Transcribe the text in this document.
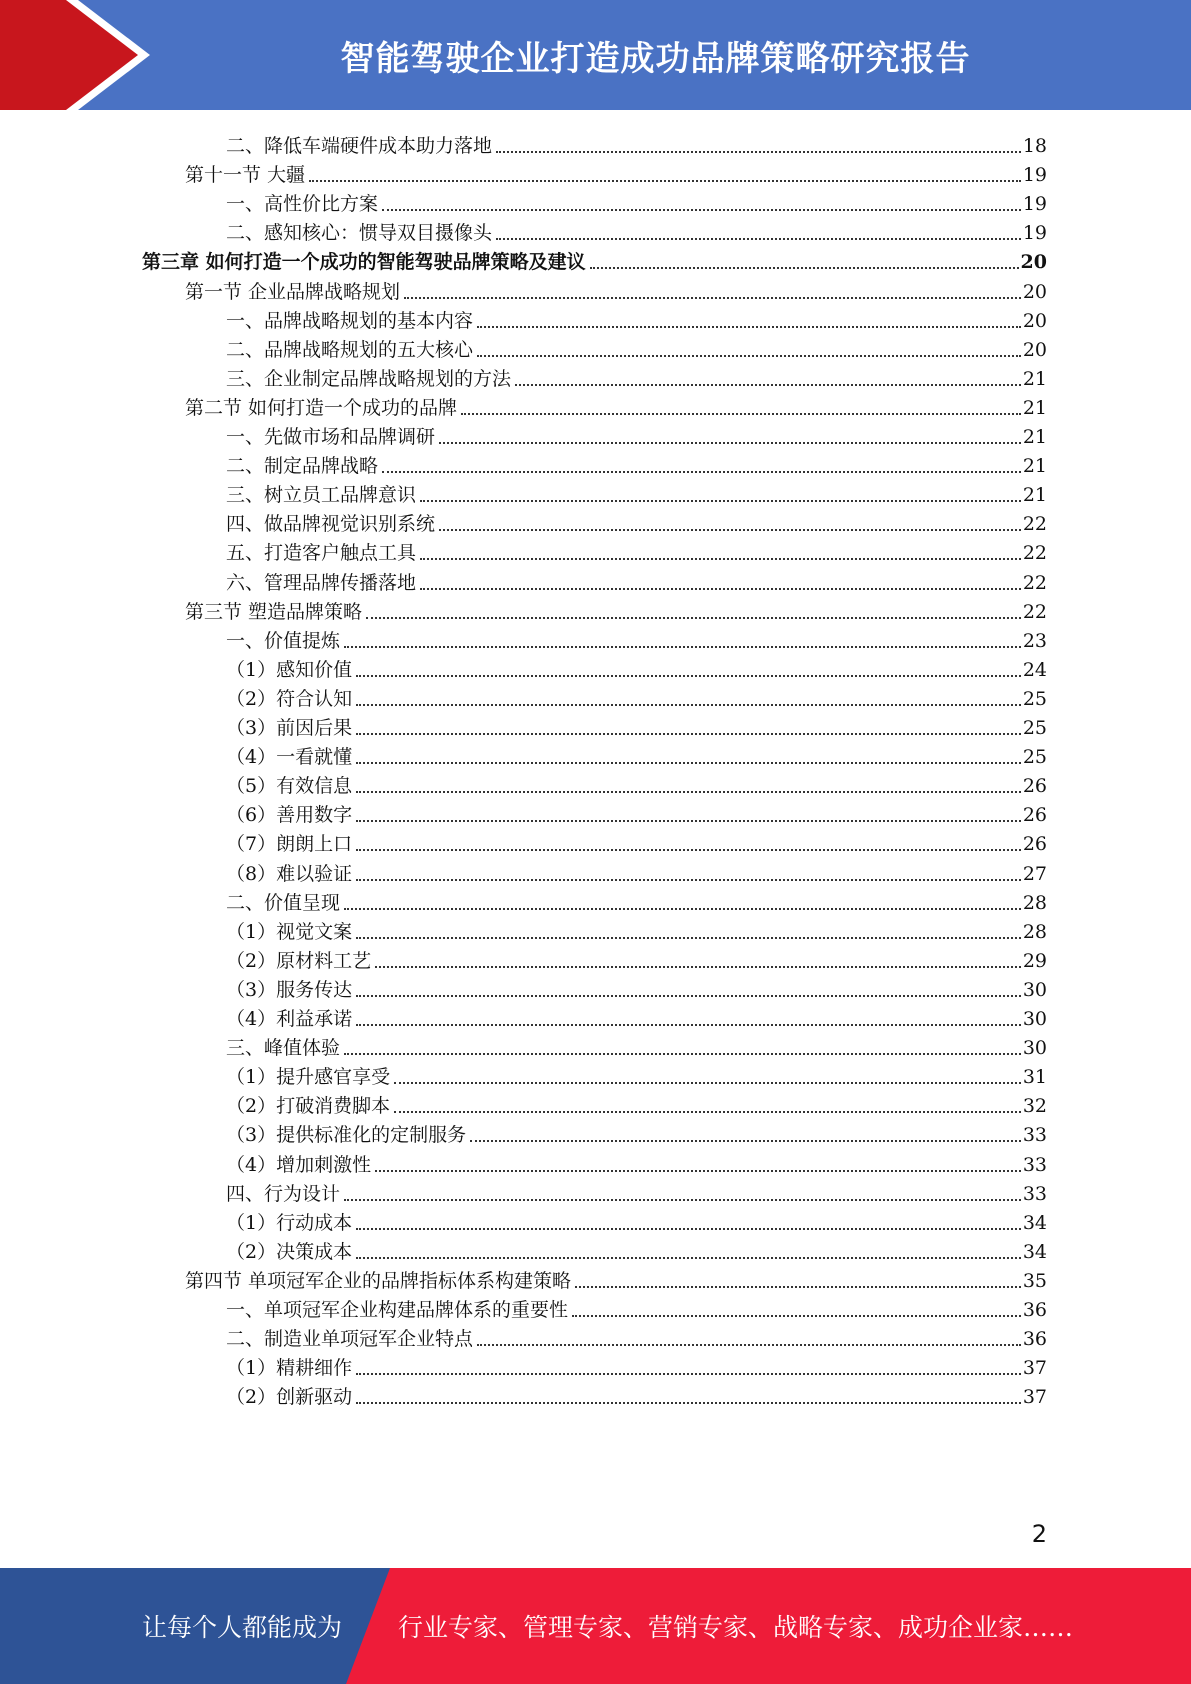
智能驾驶企业打造成功品牌策略研究报告
二、降低车端硬件成本助力落地	18
第十一节 大疆	19
一、高性价比方案	19
二、感知核心：惯导双目摄像头	19
第三章 如何打造一个成功的智能驾驶品牌策略及建议	20
第一节 企业品牌战略规划	20
一、品牌战略规划的基本内容	20
二、品牌战略规划的五大核心	20
三、企业制定品牌战略规划的方法	21
第二节 如何打造一个成功的品牌	21
一、先做市场和品牌调研	21
二、制定品牌战略	21
三、树立员工品牌意识	21
四、做品牌视觉识别系统	22
五、打造客户触点工具	22
六、管理品牌传播落地	22
第三节 塑造品牌策略	22
一、价值提炼	23
（1）感知价值	24
（2）符合认知	25
（3）前因后果	25
（4）一看就懂	25
（5）有效信息	26
（6）善用数字	26
（7）朗朗上口	26
（8）难以验证	27
二、价值呈现	28
（1）视觉文案	28
（2）原材料工艺	29
（3）服务传达	30
（4）利益承诺	30
三、峰值体验	30
（1）提升感官享受	31
（2）打破消费脚本	32
（3）提供标准化的定制服务	33
（4）增加刺激性	33
四、行为设计	33
（1）行动成本	34
（2）决策成本	34
第四节 单项冠军企业的品牌指标体系构建策略	35
一、单项冠军企业构建品牌体系的重要性	36
二、制造业单项冠军企业特点	36
（1）精耕细作	37
（2）创新驱动	37
2
让每个人都能成为 行业专家、管理专家、营销专家、战略专家、成功企业家……
